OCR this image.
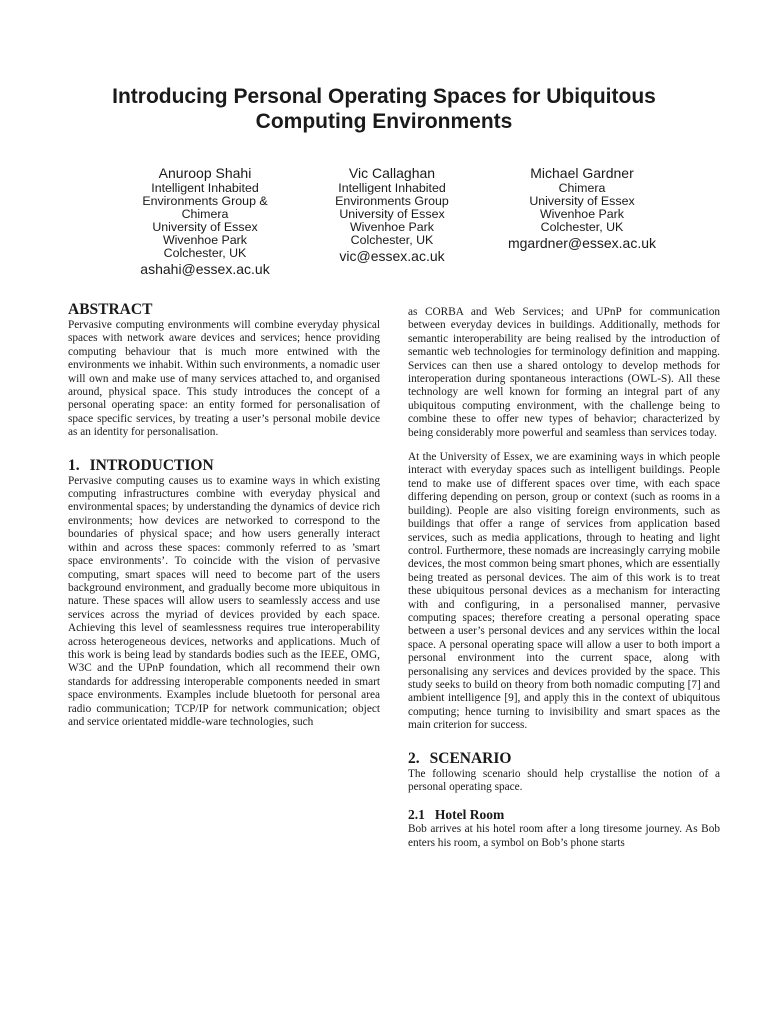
Introducing Personal Operating Spaces for Ubiquitous
Computing Environments
Anuroop Shahi
Intelligent Inhabited
Environments Group &
Chimera
University of Essex
Wivenhoe Park
Colchester, UK
ashahi@essex.ac.uk
Vic Callaghan
Intelligent Inhabited
Environments Group
University of Essex
Wivenhoe Park
Colchester, UK
vic@essex.ac.uk
Michael Gardner
Chimera
University of Essex
Wivenhoe Park
Colchester, UK
mgardner@essex.ac.uk
ABSTRACT

Pervasive computing environments will combine everyday physical spaces with network aware devices and services; hence providing computing behaviour that is much more entwined with the environments we inhabit. Within such environments, a nomadic user will own and make use of many services attached to, and organised around, physical space. This study introduces the concept of a personal operating space: an entity formed for personalisation of space specific services, by treating a user’s personal mobile device as an identity for personalisation.

1. INTRODUCTION

Pervasive computing causes us to examine ways in which existing computing infrastructures combine with everyday physical and environmental spaces; by understanding the dynamics of device rich environments; how devices are networked to correspond to the boundaries of physical space; and how users generally interact within and across these spaces: commonly referred to as ’smart space environments’. To coincide with the vision of pervasive computing, smart spaces will need to become part of the users background environment, and gradually become more ubiquitous in nature. These spaces will allow users to seamlessly access and use services across the myriad of devices provided by each space. Achieving this level of seamlessness requires true interoperability across heterogeneous devices, networks and applications. Much of this work is being lead by standards bodies such as the IEEE, OMG, W3C and the UPnP foundation, which all recommend their own standards for addressing interoperable components needed in smart space environments. Examples include bluetooth for personal area radio communication; TCP/IP for network communication; object and service orientated middle-ware technologies, such

as CORBA and Web Services; and UPnP for communication between everyday devices in buildings. Additionally, methods for semantic interoperability are being realised by the introduction of semantic web technologies for terminology definition and mapping. Services can then use a shared ontology to develop methods for interoperation during spontaneous interactions (OWL-S). All these technology are well known for forming an integral part of any ubiquitous computing environment, with the challenge being to combine these to offer new types of behavior; characterized by being considerably more powerful and seamless than services today.

At the University of Essex, we are examining ways in which people interact with everyday spaces such as intelligent buildings. People tend to make use of different spaces over time, with each space differing depending on person, group or context (such as rooms in a building). People are also visiting foreign environments, such as buildings that offer a range of services from application based services, such as media applications, through to heating and light control. Furthermore, these nomads are increasingly carrying mobile devices, the most common being smart phones, which are essentially being treated as personal devices. The aim of this work is to treat these ubiquitous personal devices as a mechanism for interacting with and configuring, in a personalised manner, pervasive computing spaces; therefore creating a personal operating space between a user’s personal devices and any services within the local space. A personal operating space will allow a user to both import a personal environment into the current space, along with personalising any services and devices provided by the space. This study seeks to build on theory from both nomadic computing [7] and ambient intelligence [9], and apply this in the context of ubiquitous computing; hence turning to invisibility and smart spaces as the main criterion for success.

2. SCENARIO

The following scenario should help crystallise the notion of a personal operating space.

2.1 Hotel Room

Bob arrives at his hotel room after a long tiresome journey. As Bob enters his room, a symbol on Bob’s phone starts
